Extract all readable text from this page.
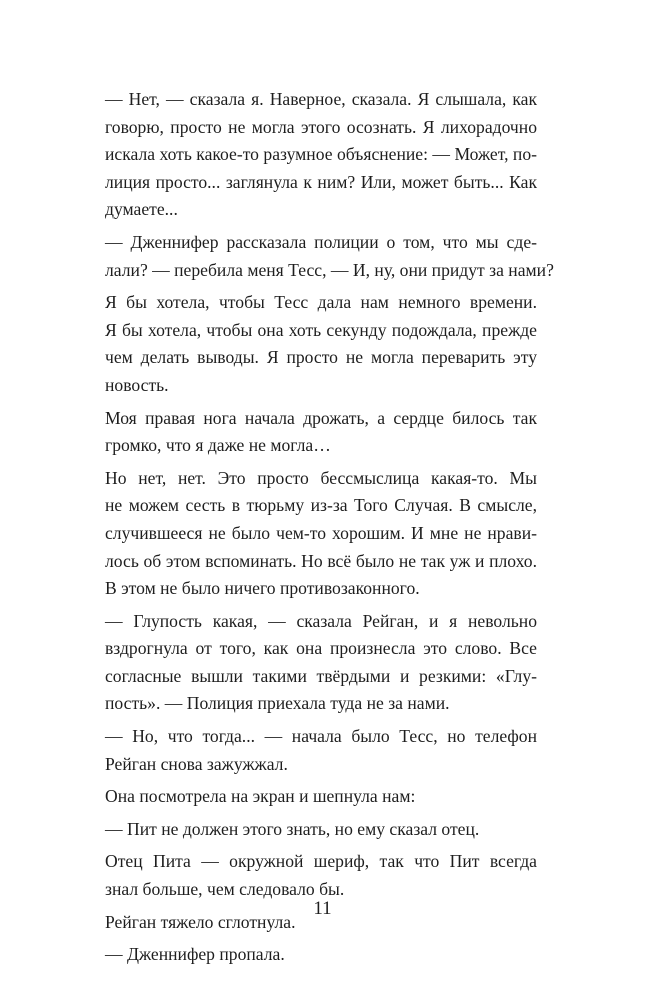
— Нет, — сказала я. Наверное, сказала. Я слышала, как
говорю, просто не могла этого осознать. Я лихорадочно
искала хоть какое-то разумное объяснение: — Может, по-
лиция просто... заглянула к ним? Или, может быть... Как
думаете...

— Дженнифер рассказала полиции о том, что мы сде-
лали? — перебила меня Тесс, — И, ну, они придут за нами?

Я бы хотела, чтобы Тесс дала нам немного времени.
Я бы хотела, чтобы она хоть секунду подождала, прежде
чем делать выводы. Я просто не могла переварить эту
новость.

Моя правая нога начала дрожать, а сердце билось так
громко, что я даже не могла…

Но нет, нет. Это просто бессмыслица какая-то. Мы
не можем сесть в тюрьму из-за Того Случая. В смысле,
случившееся не было чем-то хорошим. И мне не нрави-
лось об этом вспоминать. Но всё было не так уж и плохо.
В этом не было ничего противозаконного.

— Глупость какая, — сказала Рейган, и я невольно
вздрогнула от того, как она произнесла это слово. Все
согласные вышли такими твёрдыми и резкими: «Глу-
пость». — Полиция приехала туда не за нами.

— Но, что тогда... — начала было Тесс, но телефон
Рейган снова зажужжал.

Она посмотрела на экран и шепнула нам:

— Пит не должен этого знать, но ему сказал отец.

Отец Пита — окружной шериф, так что Пит всегда
знал больше, чем следовало бы.

Рейган тяжело сглотнула.

— Дженнифер пропала.

11
